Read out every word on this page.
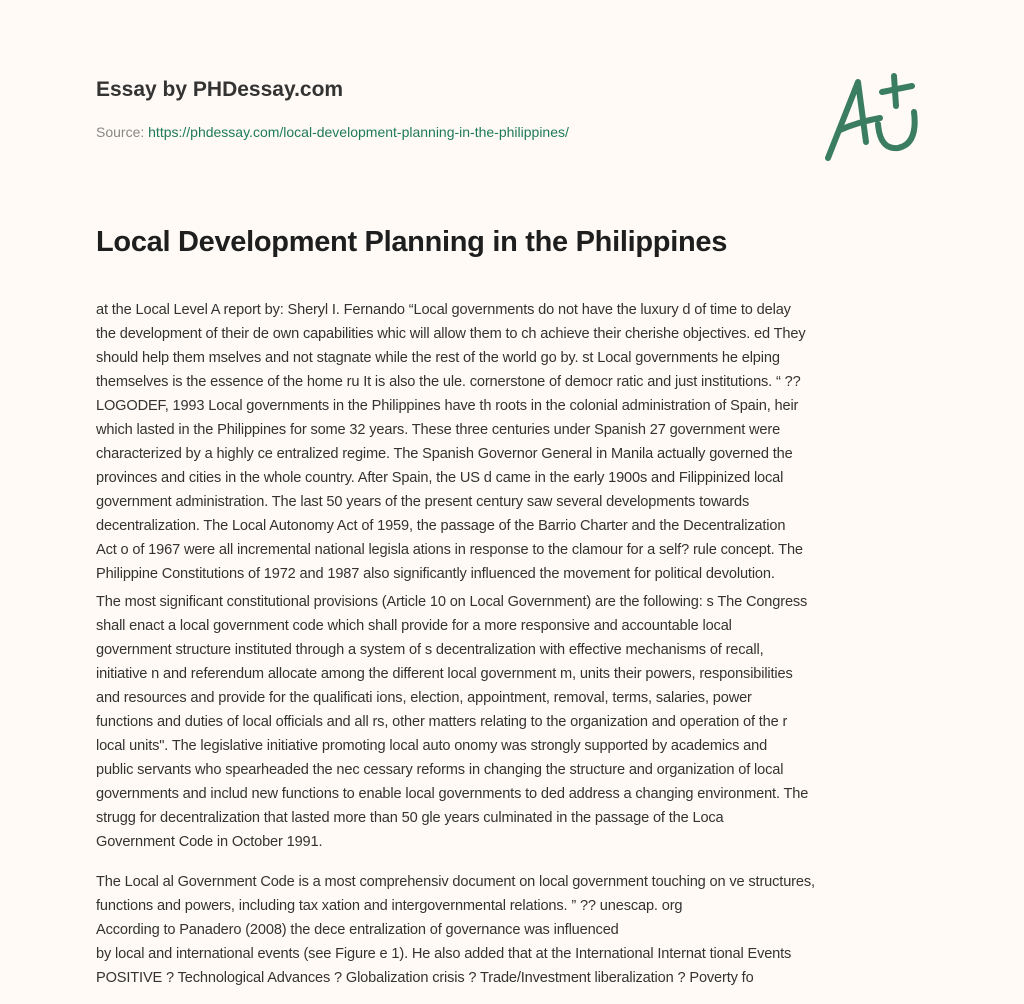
Essay by PHDessay.com
Source: https://phdessay.com/local-development-planning-in-the-philippines/
Local Development Planning in the Philippines
at the Local Level A report by: Sheryl I. Fernando “Local governments do not have the luxury d of time to delay
the development of their de own capabilities whic will allow them to ch achieve their cherishe objectives. ed They
should help them mselves and not stagnate while the rest of the world go by. st Local governments he elping
themselves is the essence of the home ru It is also the ule. cornerstone of democr ratic and just institutions. “ ??
LOGODEF, 1993 Local governments in the Philippines have th roots in the colonial administration of Spain, heir
which lasted in the Philippines for some 32 years. These three centuries under Spanish 27 government were
characterized by a highly ce entralized regime. The Spanish Governor General in Manila actually governed the
provinces and cities in the whole country. After Spain, the US d came in the early 1900s and Filippinized local
government administration. The last 50 years of the present century saw several developments towards
decentralization. The Local Autonomy Act of 1959, the passage of the Barrio Charter and the Decentralization
Act o of 1967 were all incremental national legisla ations in response to the clamour for a self? rule concept. The
Philippine Constitutions of 1972 and 1987 also significantly influenced the movement for political devolution.
The most significant constitutional provisions (Article 10 on Local Government) are the following: s The Congress
shall enact a local government code which shall provide for a more responsive and accountable local
government structure instituted through a system of s decentralization with effective mechanisms of recall,
initiative n and referendum allocate among the different local government m, units their powers, responsibilities
and resources and provide for the qualificati ions, election, appointment, removal, terms, salaries, power
functions and duties of local officials and all rs, other matters relating to the organization and operation of the r
local units". The legislative initiative promoting local auto onomy was strongly supported by academics and
public servants who spearheaded the nec cessary reforms in changing the structure and organization of local
governments and includ new functions to enable local governments to ded address a changing environment. The
strugg for decentralization that lasted more than 50 gle years culminated in the passage of the Loca
Government Code in October 1991.
The Local al Government Code is a most comprehensiv document on local government touching on ve structures,
functions and powers, including tax xation and intergovernmental relations. ” ?? unescap. org
According to Panadero (2008) the dece entralization of governance was influenced
by local and international events (see Figure e 1). He also added that at the International Internat tional Events
POSITIVE ? Technological Advances ? Globalization crisis ? Trade/Investment liberalization ? Poverty fo
